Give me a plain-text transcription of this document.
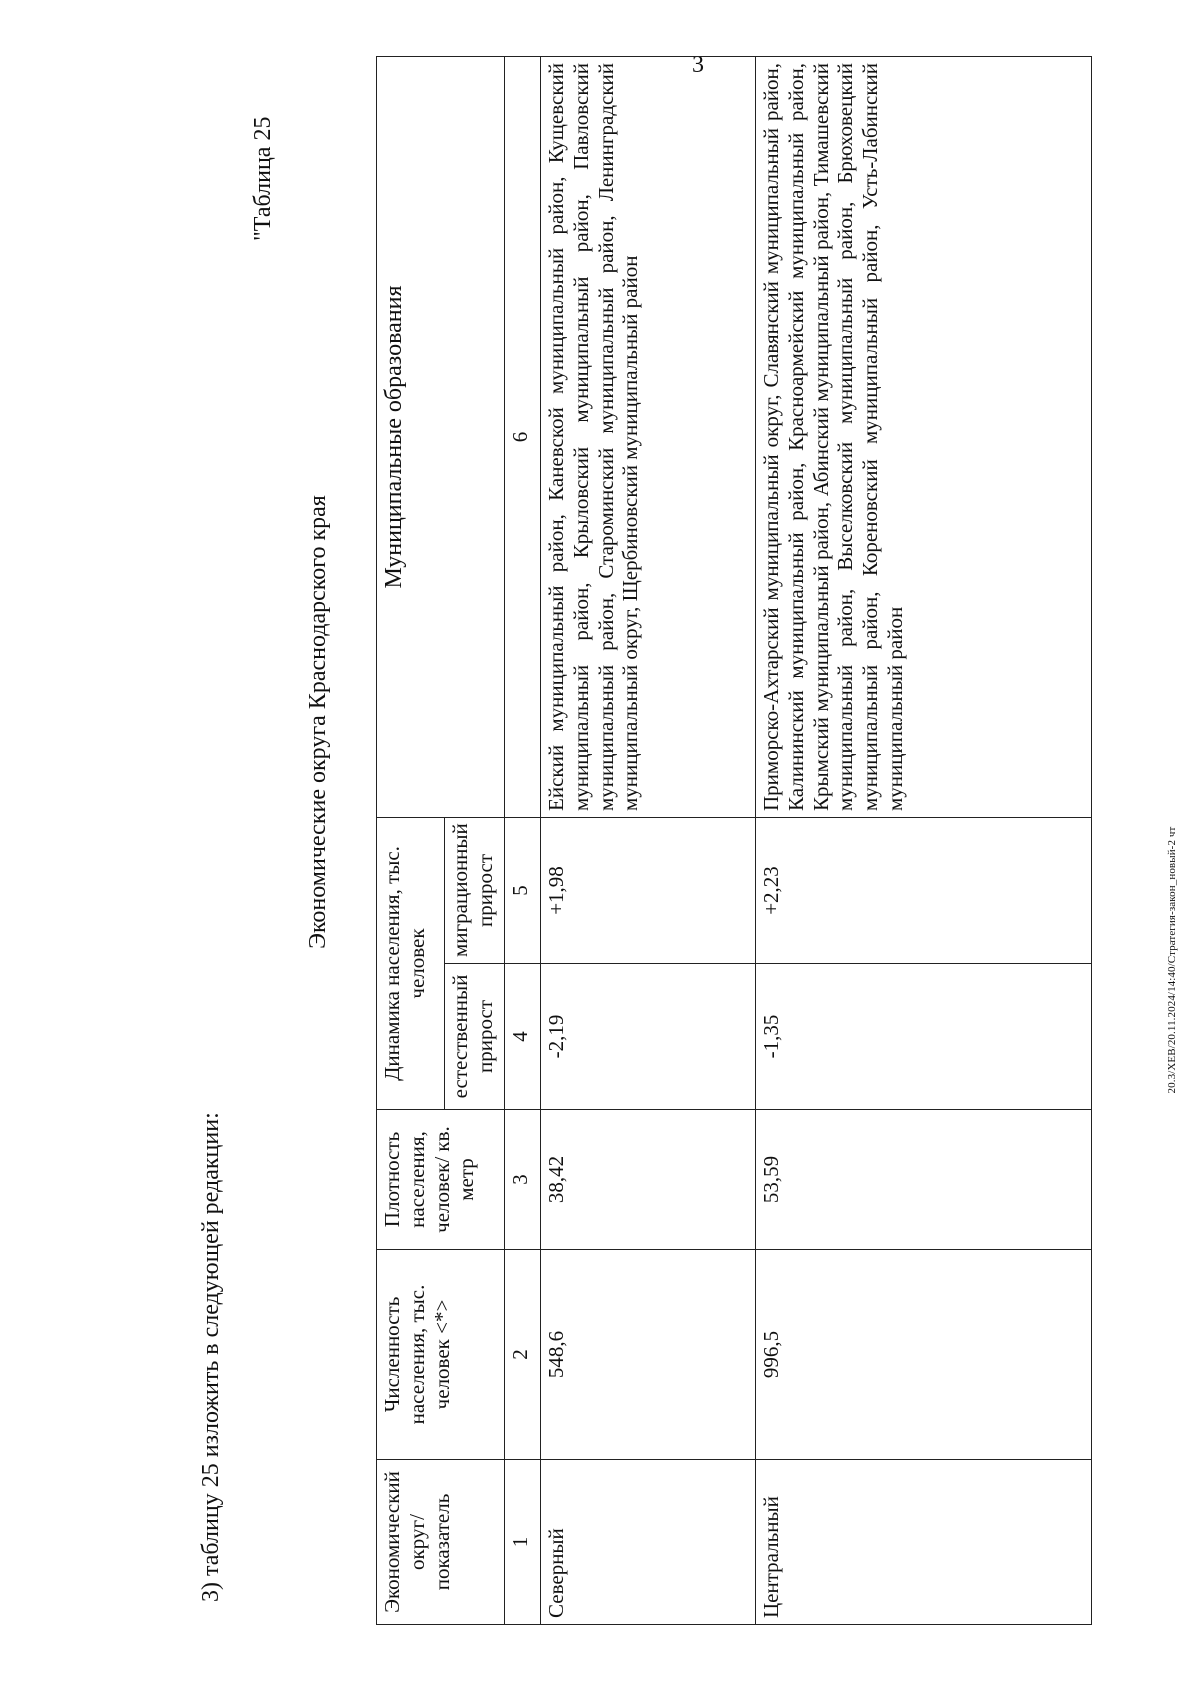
3
20.3/ХЕВ/20.11.2024/14:40/Стратегия-закон_новый-2 чт
"Таблица 25
3) таблицу 25 изложить в следующей редакции:
Экономические округа Краснодарского края
Экономический округ/показатель	Численность населения, тыс. человек <*>	Плотность населения, человек/ кв. метр	Динамика населения, тыс. человек		Муниципальные образования
			естественный прирост	миграционный прирост	
1	2	3	4	5	6
Северный	548,6	38,42	-2,19	+1,98	Ейский муниципальный район, Каневской муниципальный район, Кущевский муниципальный район, Крыловский муниципальный район, Павловский муниципальный район, Староминский муниципальный район, Ленинградский муниципальный округ, Щербиновский муниципальный район
Центральный	996,5	53,59	-1,35	+2,23	Приморско-Ахтарский муниципальный округ, Славянский муниципальный район, Калининский муниципальный район, Красноармейский муниципальный район, Крымский муниципальный район, Абинский муниципальный район, Тимашевский муниципальный район, Выселковский муниципальный район, Брюховецкий муниципальный район, Кореновский муниципальный район, Усть-Лабинский муниципальный район
